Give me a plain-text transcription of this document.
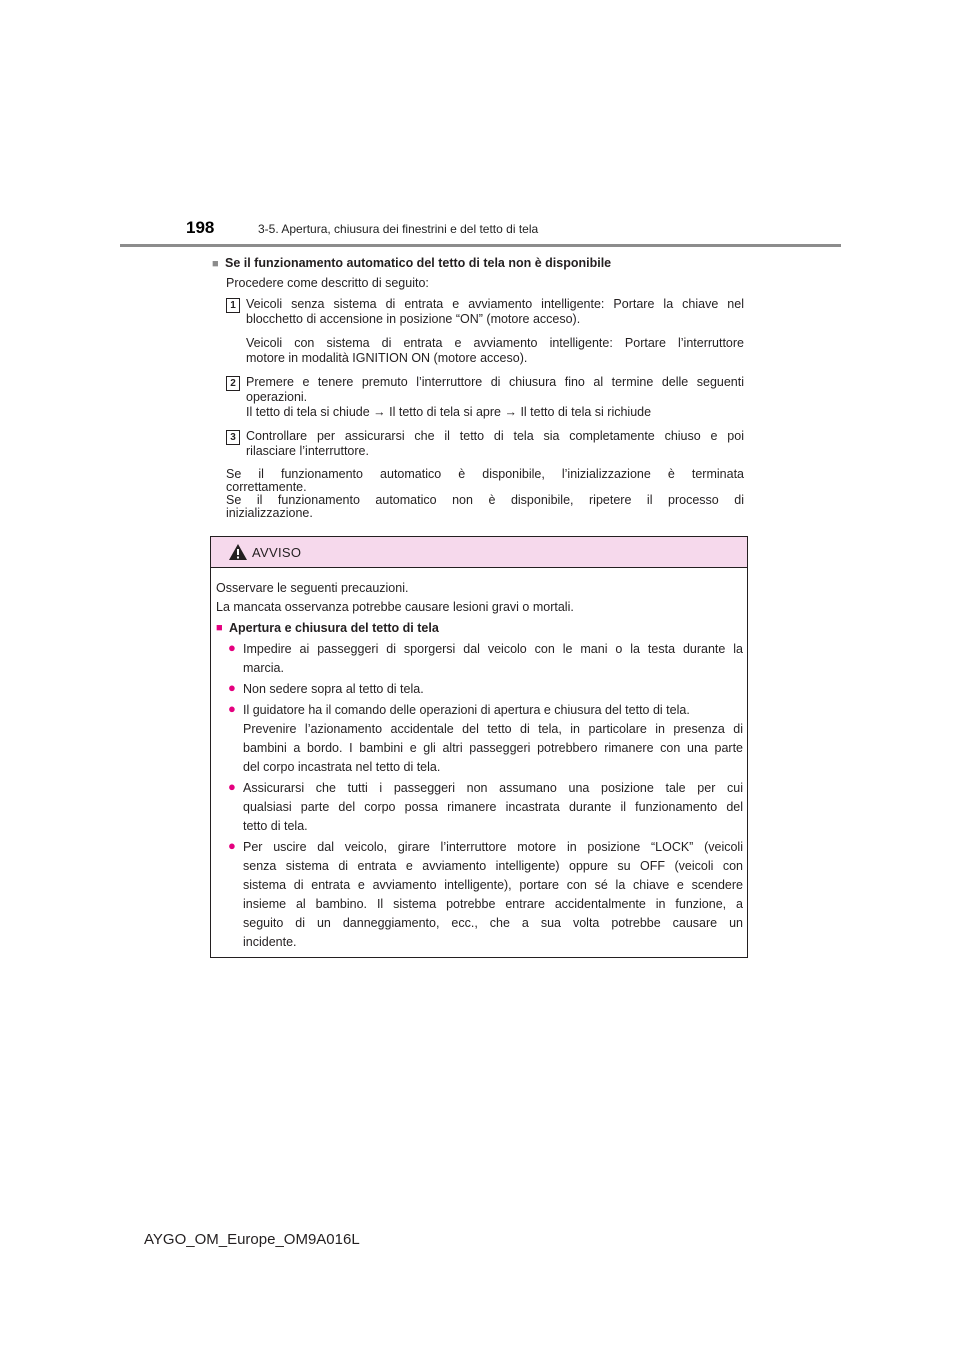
198	3-5. Apertura, chiusura dei finestrini e del tetto di tela
■ Se il funzionamento automatico del tetto di tela non è disponibile
Procedere come descritto di seguito:
1 Veicoli senza sistema di entrata e avviamento intelligente: Portare la chiave nel
blocchetto di accensione in posizione “ON” (motore acceso).
Veicoli con sistema di entrata e avviamento intelligente: Portare l’interruttore
motore in modalità IGNITION ON (motore acceso).
2 Premere e tenere premuto l’interruttore di chiusura fino al termine delle seguenti
operazioni.
Il tetto di tela si chiude → Il tetto di tela si apre → Il tetto di tela si richiude
3 Controllare per assicurarsi che il tetto di tela sia completamente chiuso e poi
rilasciare l’interruttore.
Se il funzionamento automatico è disponibile, l’inizializzazione è terminata
correttamente.
Se il funzionamento automatico non è disponibile, ripetere il processo di
inizializzazione.
AVVISO
Osservare le seguenti precauzioni.
La mancata osservanza potrebbe causare lesioni gravi o mortali.
■ Apertura e chiusura del tetto di tela
● Impedire ai passeggeri di sporgersi dal veicolo con le mani o la testa durante la
marcia.
● Non sedere sopra al tetto di tela.
● Il guidatore ha il comando delle operazioni di apertura e chiusura del tetto di tela.
Prevenire l’azionamento accidentale del tetto di tela, in particolare in presenza di
bambini a bordo. I bambini e gli altri passeggeri potrebbero rimanere con una parte
del corpo incastrata nel tetto di tela.
● Assicurarsi che tutti i passeggeri non assumano una posizione tale per cui
qualsiasi parte del corpo possa rimanere incastrata durante il funzionamento del
tetto di tela.
● Per uscire dal veicolo, girare l’interruttore motore in posizione “LOCK” (veicoli
senza sistema di entrata e avviamento intelligente) oppure su OFF (veicoli con
sistema di entrata e avviamento intelligente), portare con sé la chiave e scendere
insieme al bambino. Il sistema potrebbe entrare accidentalmente in funzione, a
seguito di un danneggiamento, ecc., che a sua volta potrebbe causare un
incidente.
AYGO_OM_Europe_OM9A016L
